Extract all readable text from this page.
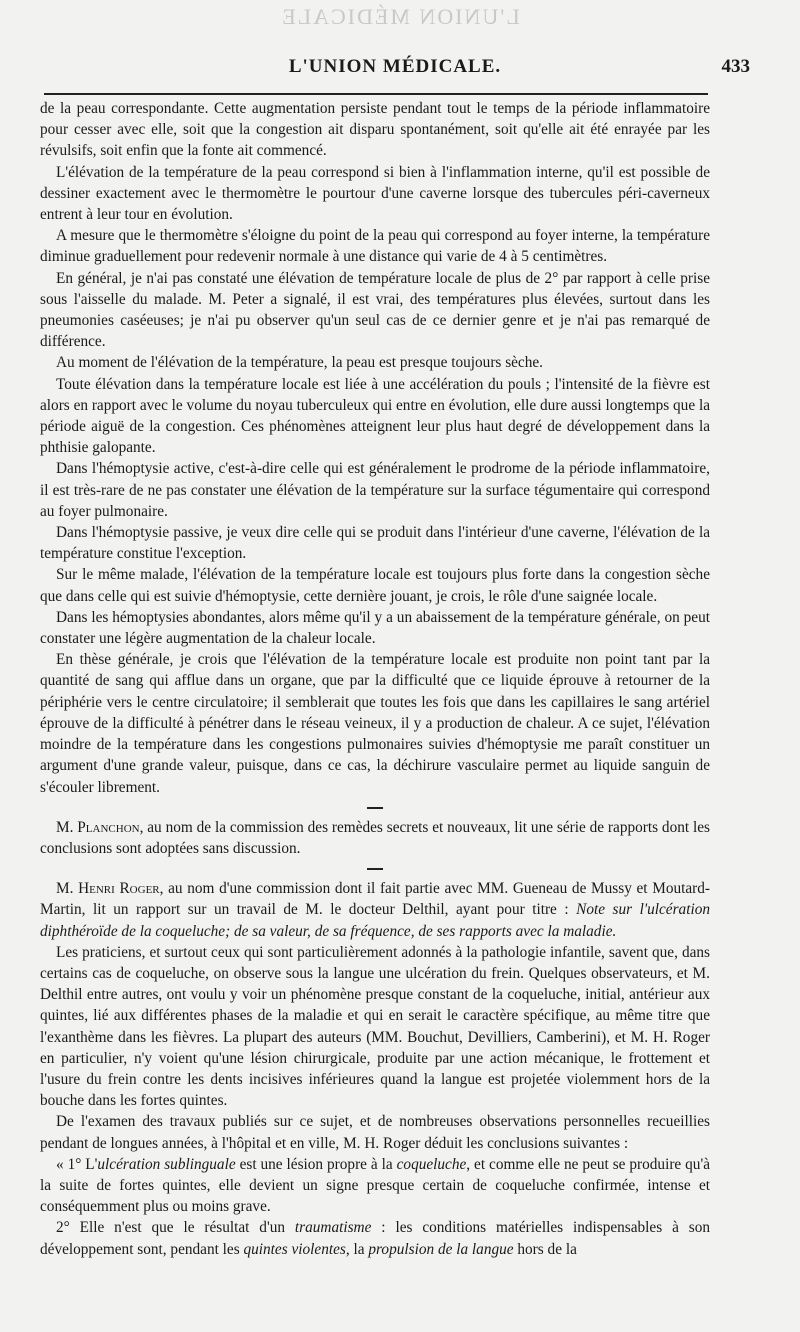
L'UNION MÉDICALE
L'UNION MÉDICALE.	433

de la peau correspondante. Cette augmentation persiste pendant tout le temps de la période inflammatoire pour cesser avec elle, soit que la congestion ait disparu spontanément, soit qu'elle ait été enrayée par les révulsifs, soit enfin que la fonte ait commencé.

L'élévation de la température de la peau correspond si bien à l'inflammation interne, qu'il est possible de dessiner exactement avec le thermomètre le pourtour d'une caverne lorsque des tubercules péri-caverneux entrent à leur tour en évolution.

A mesure que le thermomètre s'éloigne du point de la peau qui correspond au foyer interne, la température diminue graduellement pour redevenir normale à une distance qui varie de 4 à 5 centimètres.

En général, je n'ai pas constaté une élévation de température locale de plus de 2° par rapport à celle prise sous l'aisselle du malade. M. Peter a signalé, il est vrai, des températures plus élevées, surtout dans les pneumonies caséeuses; je n'ai pu observer qu'un seul cas de ce dernier genre et je n'ai pas remarqué de différence.

Au moment de l'élévation de la température, la peau est presque toujours sèche.

Toute élévation dans la température locale est liée à une accélération du pouls ; l'intensité de la fièvre est alors en rapport avec le volume du noyau tuberculeux qui entre en évolution, elle dure aussi longtemps que la période aiguë de la congestion. Ces phénomènes atteignent leur plus haut degré de développement dans la phthisie galopante.

Dans l'hémoptysie active, c'est-à-dire celle qui est généralement le prodrome de la période inflammatoire, il est très-rare de ne pas constater une élévation de la température sur la surface tégumentaire qui correspond au foyer pulmonaire.

Dans l'hémoptysie passive, je veux dire celle qui se produit dans l'intérieur d'une caverne, l'élévation de la température constitue l'exception.

Sur le même malade, l'élévation de la température locale est toujours plus forte dans la congestion sèche que dans celle qui est suivie d'hémoptysie, cette dernière jouant, je crois, le rôle d'une saignée locale.

Dans les hémoptysies abondantes, alors même qu'il y a un abaissement de la température générale, on peut constater une légère augmentation de la chaleur locale.

En thèse générale, je crois que l'élévation de la température locale est produite non point tant par la quantité de sang qui afflue dans un organe, que par la difficulté que ce liquide éprouve à retourner de la périphérie vers le centre circulatoire; il semblerait que toutes les fois que dans les capillaires le sang artériel éprouve de la difficulté à pénétrer dans le réseau veineux, il y a production de chaleur. A ce sujet, l'élévation moindre de la température dans les congestions pulmonaires suivies d'hémoptysie me paraît constituer un argument d'une grande valeur, puisque, dans ce cas, la déchirure vasculaire permet au liquide sanguin de s'écouler librement.

M. Planchon, au nom de la commission des remèdes secrets et nouveaux, lit une série de rapports dont les conclusions sont adoptées sans discussion.

M. Henri Roger, au nom d'une commission dont il fait partie avec MM. Gueneau de Mussy et Moutard-Martin, lit un rapport sur un travail de M. le docteur Delthil, ayant pour titre : Note sur l'ulcération diphthéroïde de la coqueluche; de sa valeur, de sa fréquence, de ses rapports avec la maladie.

Les praticiens, et surtout ceux qui sont particulièrement adonnés à la pathologie infantile, savent que, dans certains cas de coqueluche, on observe sous la langue une ulcération du frein. Quelques observateurs, et M. Delthil entre autres, ont voulu y voir un phénomène presque constant de la coqueluche, initial, antérieur aux quintes, lié aux différentes phases de la maladie et qui en serait le caractère spécifique, au même titre que l'exanthème dans les fièvres. La plupart des auteurs (MM. Bouchut, Devilliers, Camberini), et M. H. Roger en particulier, n'y voient qu'une lésion chirurgicale, produite par une action mécanique, le frottement et l'usure du frein contre les dents incisives inférieures quand la langue est projetée violemment hors de la bouche dans les fortes quintes.

De l'examen des travaux publiés sur ce sujet, et de nombreuses observations personnelles recueillies pendant de longues années, à l'hôpital et en ville, M. H. Roger déduit les conclusions suivantes :

« 1° L'ulcération sublinguale est une lésion propre à la coqueluche, et comme elle ne peut se produire qu'à la suite de fortes quintes, elle devient un signe presque certain de coqueluche confirmée, intense et conséquemment plus ou moins grave.

2° Elle n'est que le résultat d'un traumatisme : les conditions matérielles indispensables à son développement sont, pendant les quintes violentes, la propulsion de la langue hors de la
